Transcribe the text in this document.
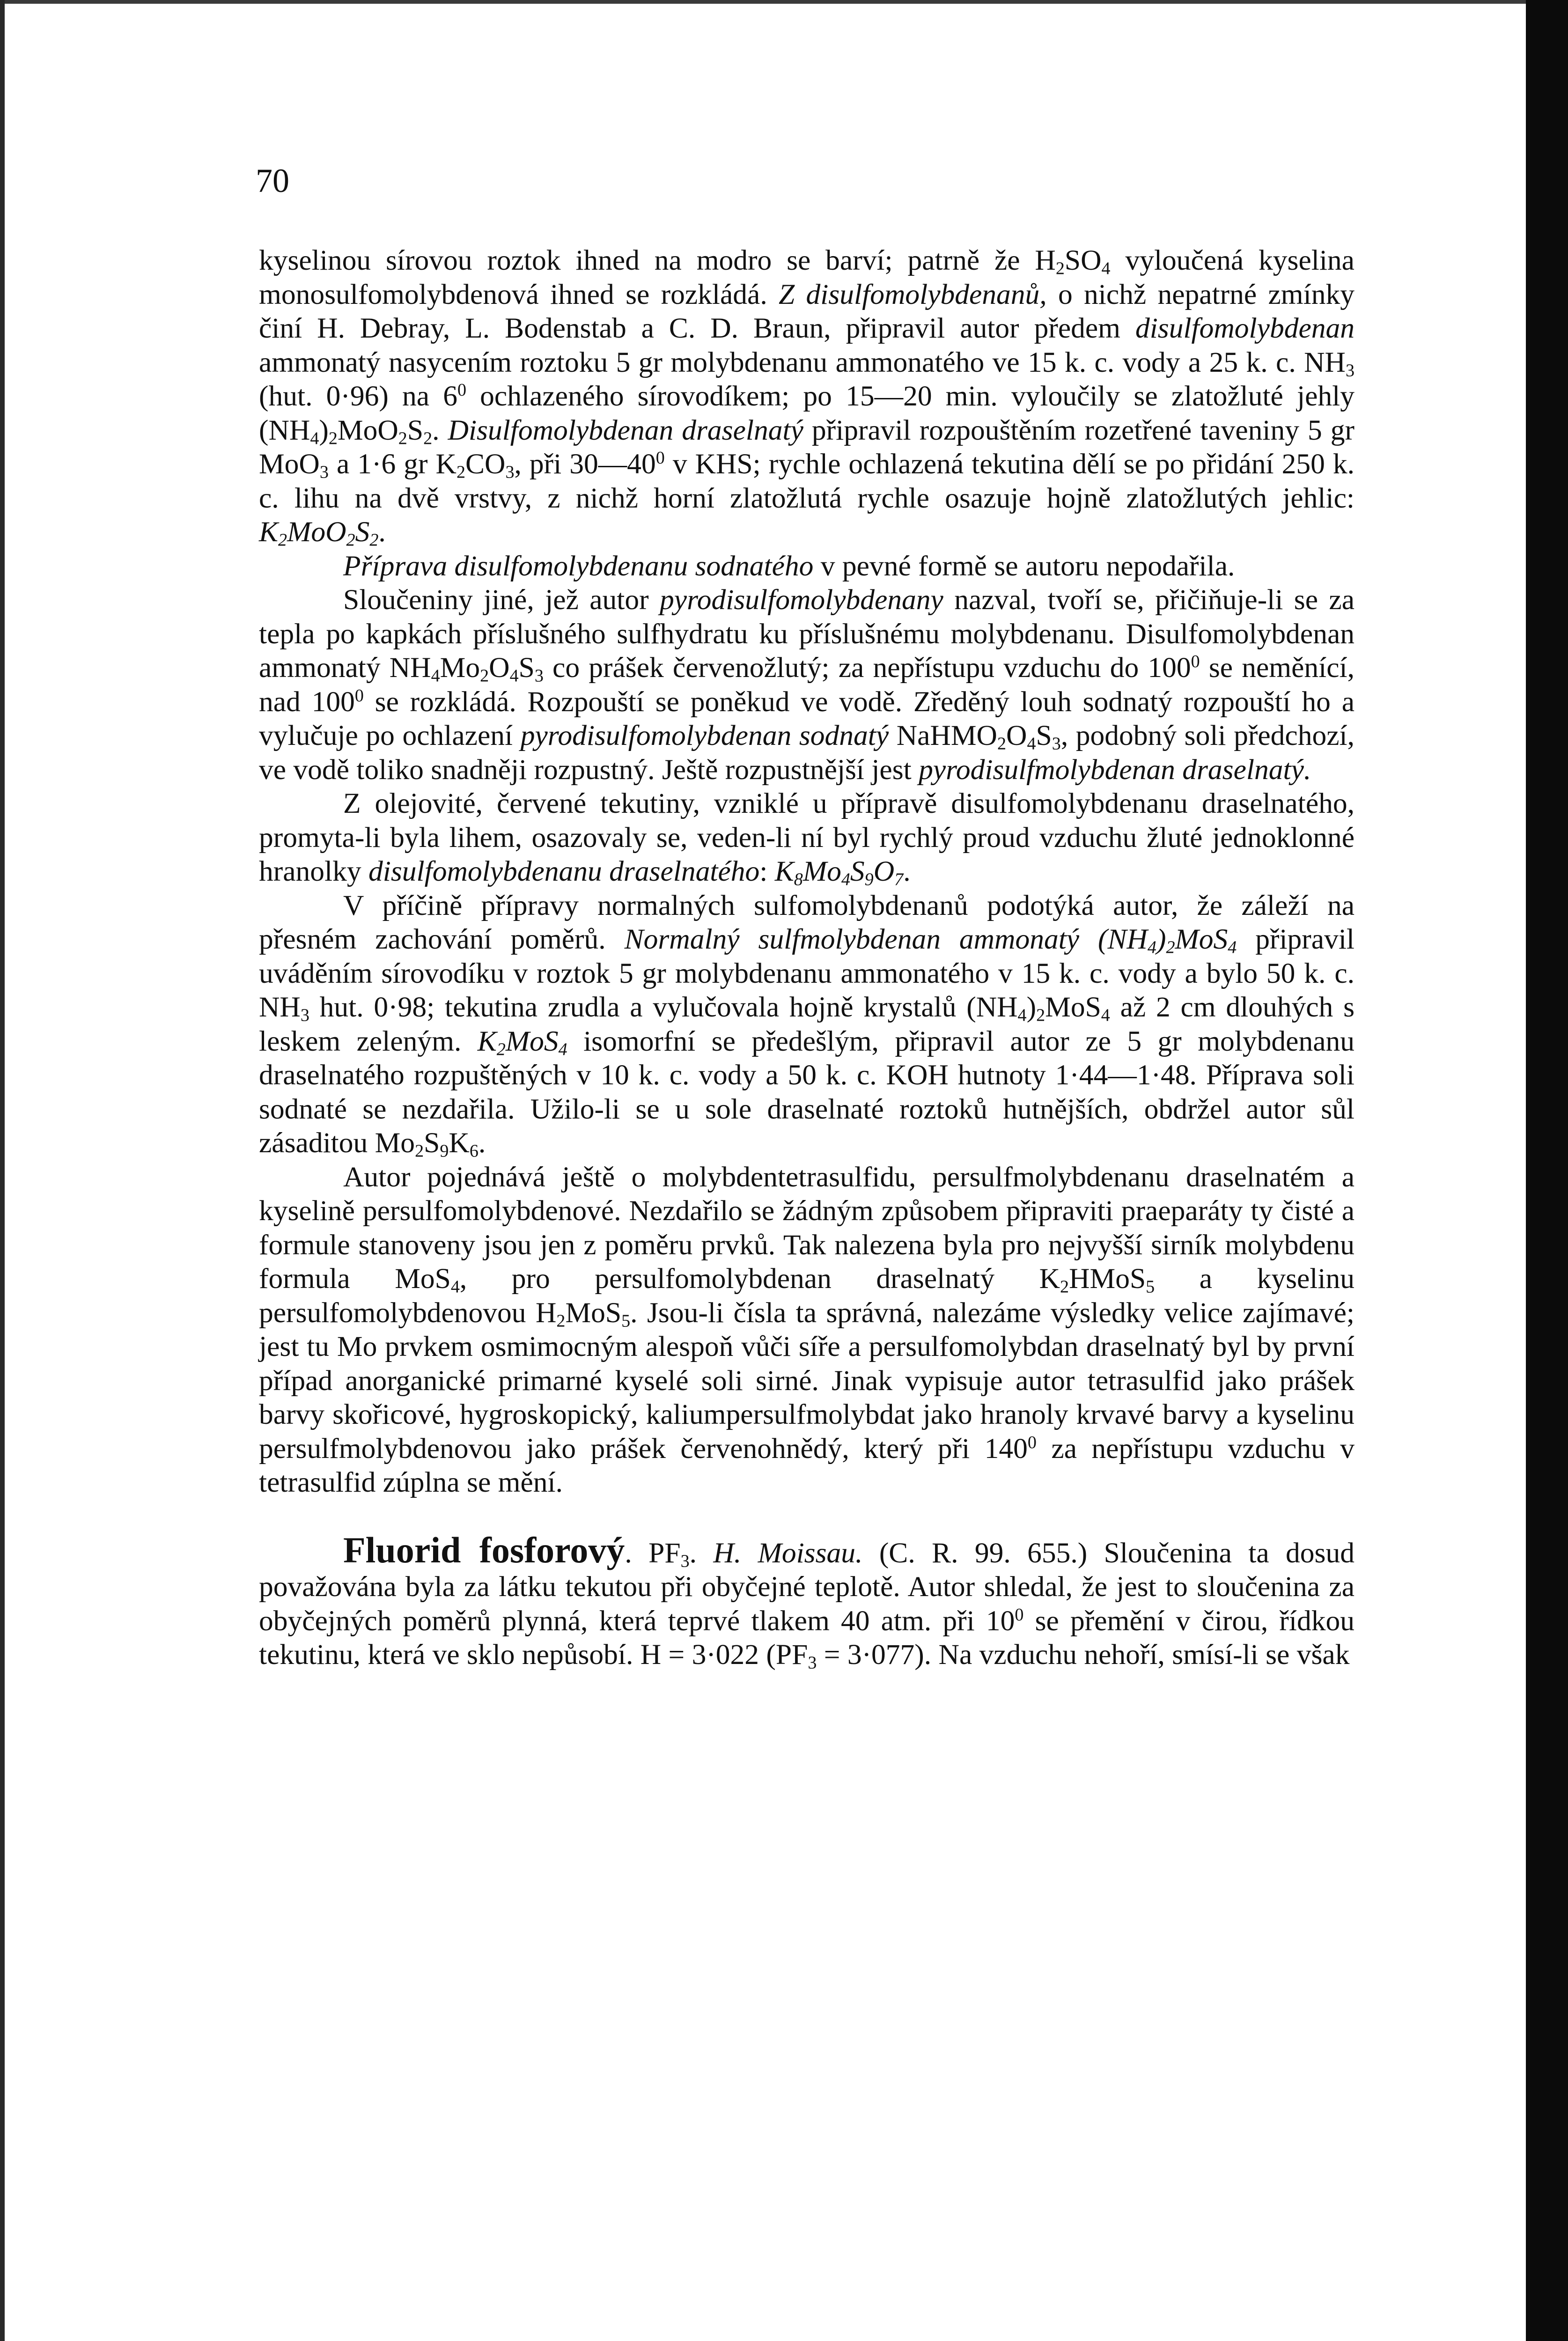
70

kyselinou sírovou roztok ihned na modro se barví; patrně že $H_2SO_4$ vyloučená kyselina monosulfomolybdenová ihned se rozkládá. Z disulfomolybdenanů, o nichž nepatrné zmínky činí H. Debray, L. Bodenstab a C. D. Braun, připravil autor předem disulfomolybdenan ammonatý nasycením roztoku 5 gr molybdenanu ammonatého ve 15 k. c. vody a 25 k. c. $NH_3$ (hut. 0·96) na $6^0$ ochlazeného sírovodíkem; po 15—20 min. vyloučily se zlatožluté jehly $(NH_4)_2MoO_2S_2$. Disulfomolybdenan draselnatý připravil rozpouštěním rozetřené taveniny 5 gr MoO$_3$ a 1·6 gr $K_2CO_3$, při $30—40^0$ v KHS; rychle ochlazená tekutina dělí se po přidání 250 k. c. lihu na dvě vrstvy, z nichž horní zlatožlutá rychle osazuje hojně zlatožlutých jehlic: $K_2MoO_2S_2$.

Příprava disulfomolybdenanu sodnatého v pevné formě se autoru nepodařila.

Sloučeniny jiné, jež autor pyrodisulfomolybdenany nazval, tvoří se, přičiňuje-li se za tepla po kapkách příslušného sulfhydratu ku příslušnému molybdenanu. Disulfomolybdenan ammonatý $NH_4Mo_2O_4S_3$ co prášek červenožlutý; za nepřístupu vzduchu do $100^0$ se neměnící, nad $100^0$ se rozkládá. Rozpouští se poněkud ve vodě. Zředěný louh sodnatý rozpouští ho a vylučuje po ochlazení pyrodisulfomolybdenan sodnatý $NaHMO_2O_4S_3$, podobný soli předchozí, ve vodě toliko snadněji rozpustný. Ještě rozpustnější jest pyrodisulfmolybdenan draselnatý.

Z olejovité, červené tekutiny, vzniklé u přípravě disulfomolybdenanu draselnatého, promyta-li byla lihem, osazovaly se, veden-li ní byl rychlý proud vzduchu žluté jednoklonné hranolky disulfomolybdenanu draselnatého: $K_8Mo_4S_9O_7$.

V příčině přípravy normalných sulfomolybdenanů podotýká autor, že záleží na přesném zachování poměrů. Normalný sulfmolybdenan ammonatý $(NH_4)_2MoS_4$ připravil uváděním sírovodíku v roztok 5 gr molybdenanu ammonatého v 15 k. c. vody a bylo 50 k. c. $NH_3$ hut. 0·98; tekutina zrudla a vylučovala hojně krystalů $(NH_4)_2MoS_4$ až 2 cm dlouhých s leskem zeleným. $K_2MoS_4$ isomorfní se předešlým, připravil autor ze 5 gr molybdenanu draselnatého rozpuštěných v 10 k. c. vody a 50 k. c. KOH hutnoty 1·44—1·48. Příprava soli sodnaté se nezdařila. Užilo-li se u sole draselnaté roztoků hutnějších, obdržel autor sůl zásaditou $Mo_2S_9K_6$.

Autor pojednává ještě o molybdentetrasulfidu, persulfmolybdenanu draselnatém a kyselině persulfomolybdenové. Nezdařilo se žádným způsobem připraviti praeparáty ty čisté a formule stanoveny jsou jen z poměru prvků. Tak nalezena byla pro nejvyšší sirník molybdenu formula MoS$_4$, pro persulfomolybdenan draselnatý $K_2HMoS_5$ a kyselinu persulfomolybdenovou $H_2MoS_5$. Jsou-li čísla ta správná, nalezáme výsledky velice zajímavé; jest tu Mo prvkem osmimocným alespoň vůči síře a persulfomolybdan draselnatý byl by první případ anorganické primarné kyselé soli sirné. Jinak vypisuje autor tetrasulfid jako prášek barvy skořicové, hygroskopický, kaliumpersulfmolybdat jako hranoly krvavé barvy a kyselinu persulfmolybdenovou jako prášek červenohnědý, který při $140^0$ za nepřístupu vzduchu v tetrasulfid zúplna se mění.

Fluorid fosforový. $PF_3$. H. Moissau. (C. R. 99. 655.) Sloučenina ta dosud považována byla za látku tekutou při obyčejné teplotě. Autor shledal, že jest to sloučenina za obyčejných poměrů plynná, která teprvé tlakem 40 atm. při $10^0$ se přemění v čirou, řídkou tekutinu, která ve sklo nepůsobí. H = 3·022 $(PF_3 = 3\cdot 077)$. Na vzduchu nehoří, smísí-li se však
